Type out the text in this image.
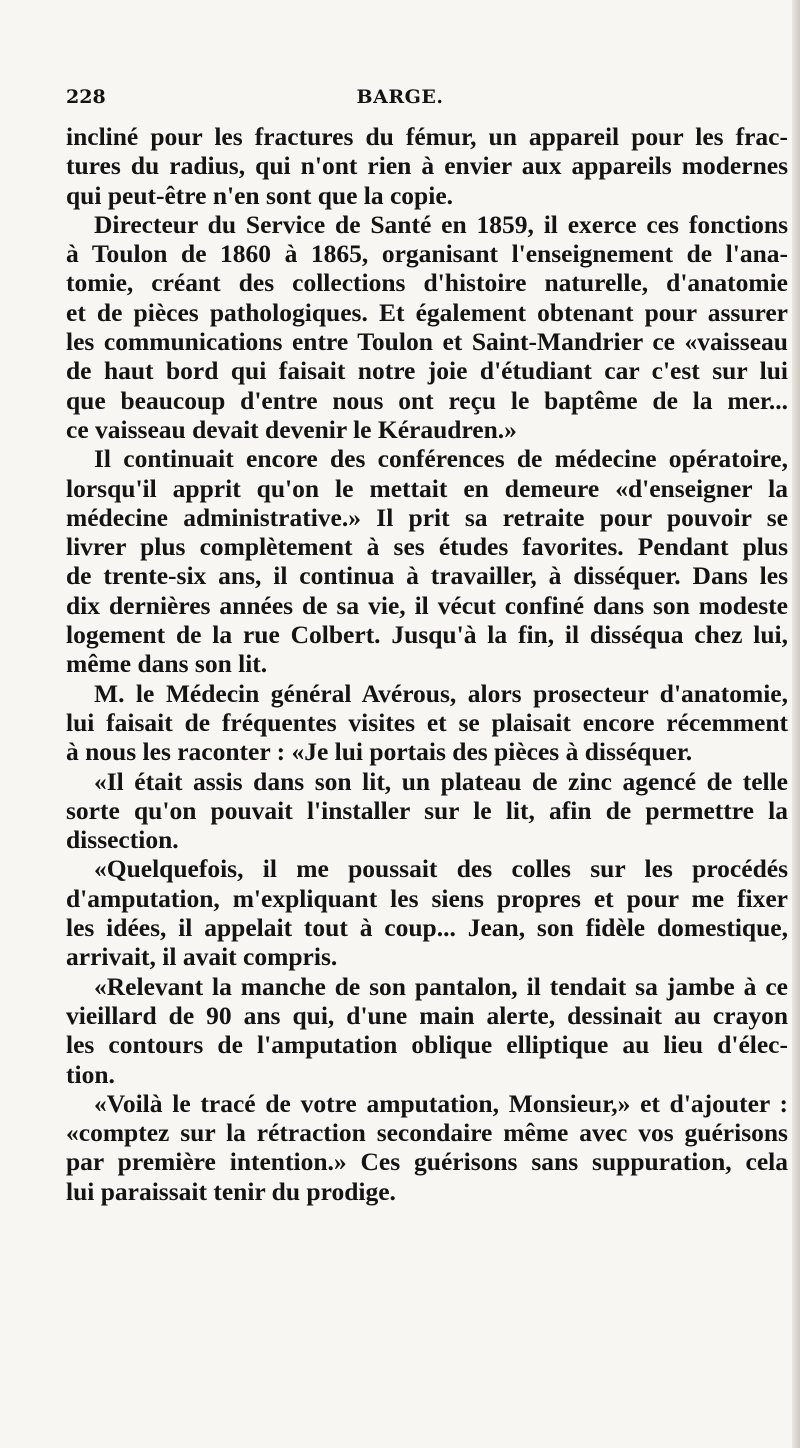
228	BARGE.
incliné pour les fractures du fémur, un appareil pour les frac-
tures du radius, qui n'ont rien à envier aux appareils modernes
qui peut-être n'en sont que la copie.
Directeur du Service de Santé en 1859, il exerce ces fonctions
à Toulon de 1860 à 1865, organisant l'enseignement de l'ana-
tomie, créant des collections d'histoire naturelle, d'anatomie
et de pièces pathologiques. Et également obtenant pour assurer
les communications entre Toulon et Saint-Mandrier ce «vaisseau
de haut bord qui faisait notre joie d'étudiant car c'est sur lui
que beaucoup d'entre nous ont reçu le baptême de la mer...
ce vaisseau devait devenir le Kéraudren.»
Il continuait encore des conférences de médecine opératoire,
lorsqu'il apprit qu'on le mettait en demeure «d'enseigner la
médecine administrative.» Il prit sa retraite pour pouvoir se
livrer plus complètement à ses études favorites. Pendant plus
de trente-six ans, il continua à travailler, à disséquer. Dans les
dix dernières années de sa vie, il vécut confiné dans son modeste
logement de la rue Colbert. Jusqu'à la fin, il disséqua chez lui,
même dans son lit.
M. le Médecin général Avérous, alors prosecteur d'anatomie,
lui faisait de fréquentes visites et se plaisait encore récemment
à nous les raconter : «Je lui portais des pièces à disséquer.
«Il était assis dans son lit, un plateau de zinc agencé de telle
sorte qu'on pouvait l'installer sur le lit, afin de permettre la
dissection.
«Quelquefois, il me poussait des colles sur les procédés
d'amputation, m'expliquant les siens propres et pour me fixer
les idées, il appelait tout à coup... Jean, son fidèle domestique,
arrivait, il avait compris.
«Relevant la manche de son pantalon, il tendait sa jambe à ce
vieillard de 90 ans qui, d'une main alerte, dessinait au crayon
les contours de l'amputation oblique elliptique au lieu d'élec-
tion.
«Voilà le tracé de votre amputation, Monsieur,» et d'ajouter :
«comptez sur la rétraction secondaire même avec vos guérisons
par première intention.» Ces guérisons sans suppuration, cela
lui paraissait tenir du prodige.
